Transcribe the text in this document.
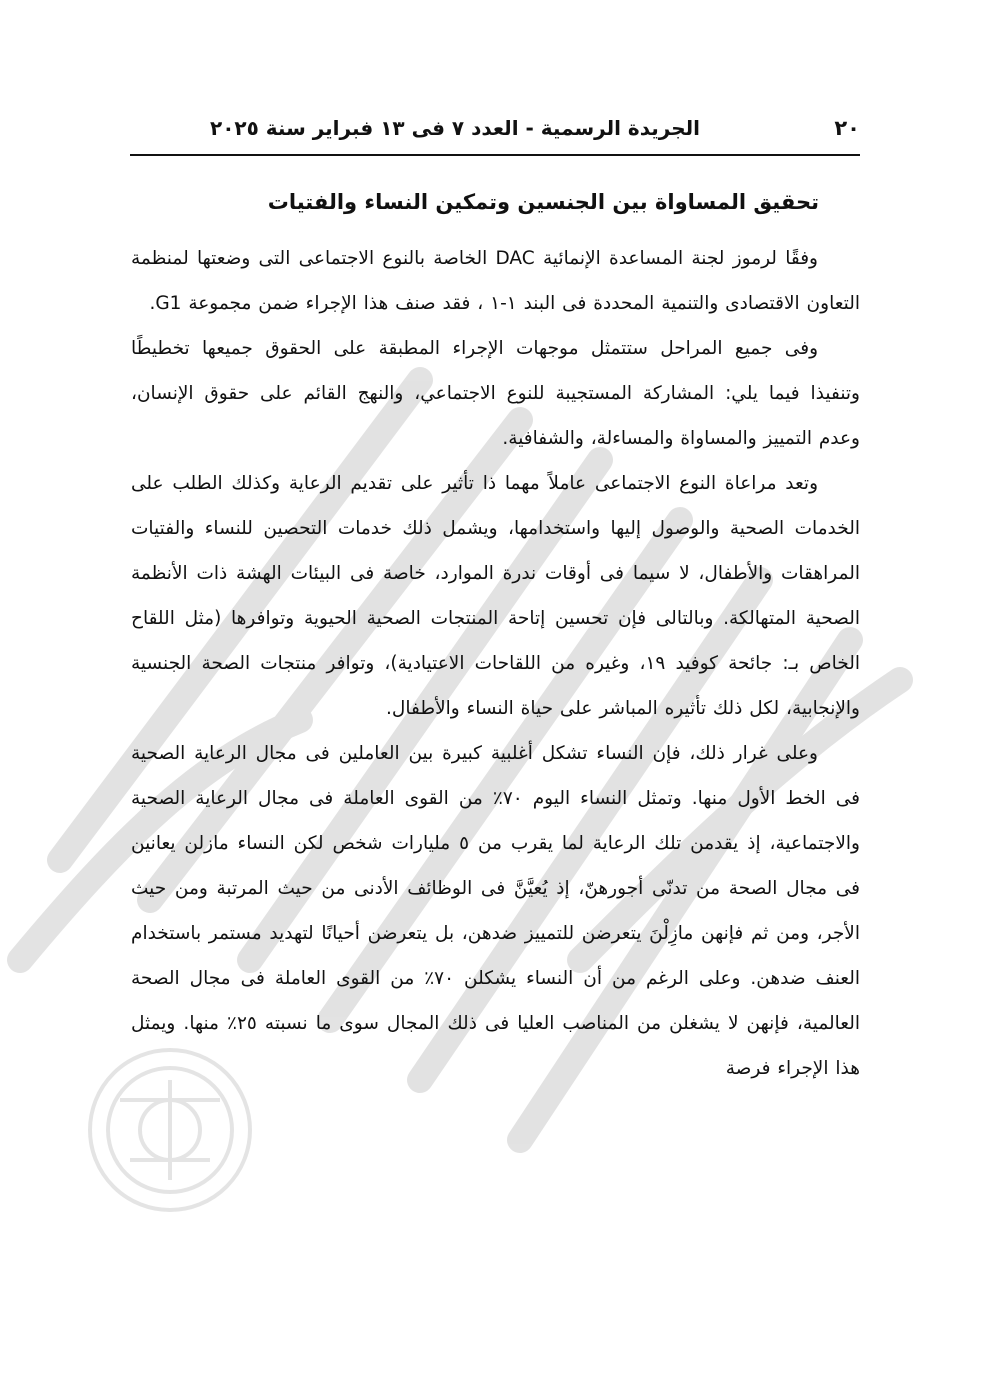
٢٠
الجريدة الرسمية - العدد ٧ فى ١٣ فبراير سنة ٢٠٢٥
تحقيق المساواة بين الجنسين وتمكين النساء والفتيات

وفقًا لرموز لجنة المساعدة الإنمائية DAC الخاصة بالنوع الاجتماعى التى وضعتها لمنظمة التعاون الاقتصادى والتنمية المحددة فى البند ١-١ ، فقد صنف هذا الإجراء ضمن مجموعة G1.

وفى جميع المراحل ستتمثل موجهات الإجراء المطبقة على الحقوق جميعها تخطيطًا وتنفيذا فيما يلي: المشاركة المستجيبة للنوع الاجتماعي، والنهج القائم على حقوق الإنسان، وعدم التمييز والمساواة والمساءلة، والشفافية.

وتعد مراعاة النوع الاجتماعى عاملاً مهما ذا تأثير على تقديم الرعاية وكذلك الطلب على الخدمات الصحية والوصول إليها واستخدامها، ويشمل ذلك خدمات التحصين للنساء والفتيات المراهقات والأطفال، لا سيما فى أوقات ندرة الموارد، خاصة فى البيئات الهشة ذات الأنظمة الصحية المتهالكة. وبالتالى فإن تحسين إتاحة المنتجات الصحية الحيوية وتوافرها (مثل اللقاح الخاص بـ: جائحة كوفيد ١٩، وغيره من اللقاحات الاعتيادية)، وتوافر منتجات الصحة الجنسية والإنجابية، لكل ذلك تأثيره المباشر على حياة النساء والأطفال.

وعلى غرار ذلك، فإن النساء تشكل أغلبية كبيرة بين العاملين فى مجال الرعاية الصحية فى الخط الأول منها. وتمثل النساء اليوم ٧٠٪ من القوى العاملة فى مجال الرعاية الصحية والاجتماعية، إذ يقدمن تلك الرعاية لما يقرب من ٥ مليارات شخص لكن النساء مازلن يعانين فى مجال الصحة من تدنّى أجورهنّ، إذ يُعيَّنَّ فى الوظائف الأدنى من حيث المرتبة ومن حيث الأجر، ومن ثم فإنهن مازِلْنَ يتعرضن للتمييز ضدهن، بل يتعرضن أحيانًا لتهديد مستمر باستخدام العنف ضدهن. وعلى الرغم من أن النساء يشكلن ٧٠٪ من القوى العاملة فى مجال الصحة العالمية، فإنهن لا يشغلن من المناصب العليا فى ذلك المجال سوى ما نسبته ٢٥٪ منها. ويمثل هذا الإجراء فرصة
